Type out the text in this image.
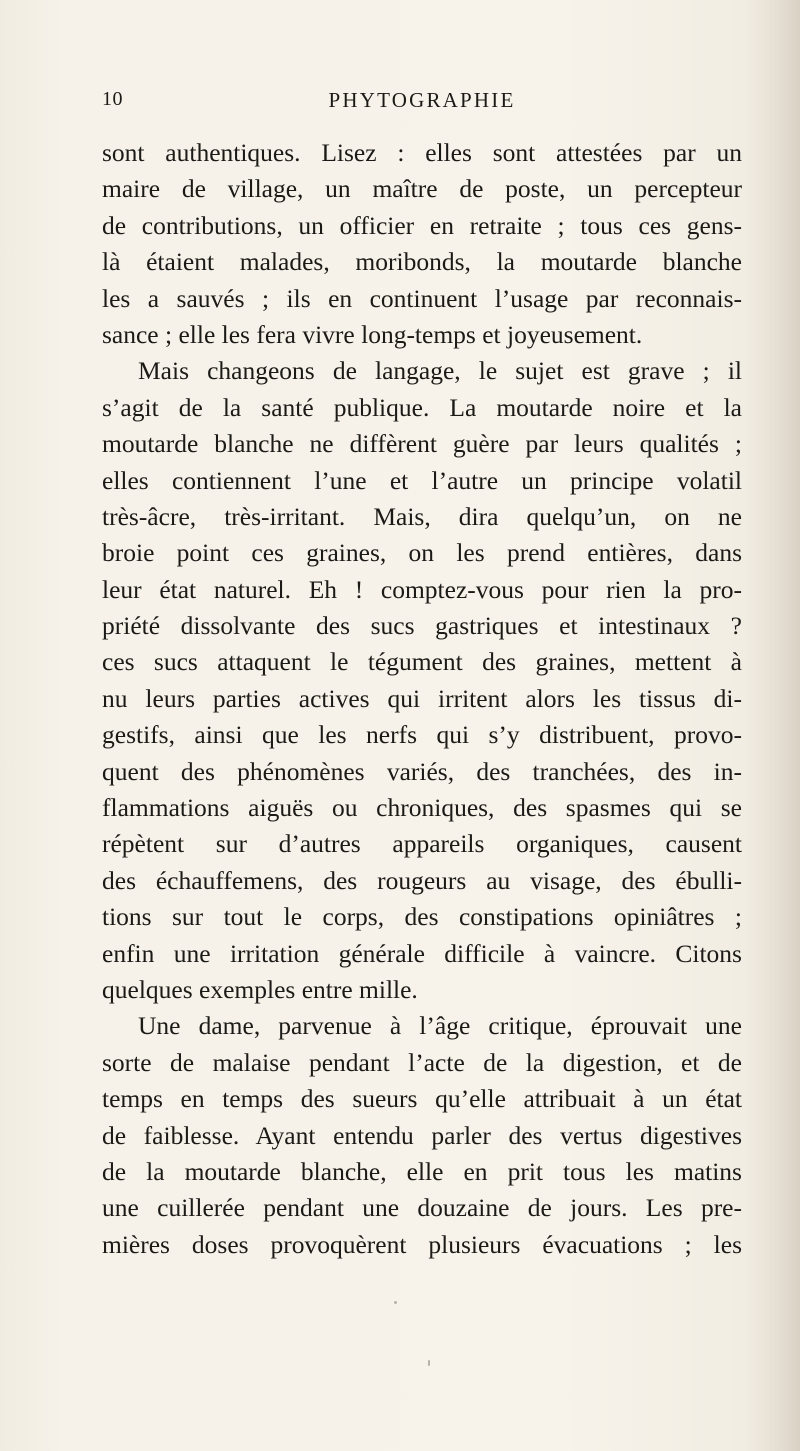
10	PHYTOGRAPHIE
sont authentiques. Lisez : elles sont attestées par un
maire de village, un maître de poste, un percepteur
de contributions, un officier en retraite ; tous ces gens-
là étaient malades, moribonds, la moutarde blanche
les a sauvés ; ils en continuent l’usage par reconnais-
sance ; elle les fera vivre long-temps et joyeusement.
Mais changeons de langage, le sujet est grave ; il
s’agit de la santé publique. La moutarde noire et la
moutarde blanche ne diffèrent guère par leurs qualités ;
elles contiennent l’une et l’autre un principe volatil
très-âcre, très-irritant. Mais, dira quelqu’un, on ne
broie point ces graines, on les prend entières, dans
leur état naturel. Eh ! comptez-vous pour rien la pro-
priété dissolvante des sucs gastriques et intestinaux ?
ces sucs attaquent le tégument des graines, mettent à
nu leurs parties actives qui irritent alors les tissus di-
gestifs, ainsi que les nerfs qui s’y distribuent, provo-
quent des phénomènes variés, des tranchées, des in-
flammations aiguës ou chroniques, des spasmes qui se
répètent sur d’autres appareils organiques, causent
des échauffemens, des rougeurs au visage, des ébulli-
tions sur tout le corps, des constipations opiniâtres ;
enfin une irritation générale difficile à vaincre. Citons
quelques exemples entre mille.
Une dame, parvenue à l’âge critique, éprouvait une
sorte de malaise pendant l’acte de la digestion, et de
temps en temps des sueurs qu’elle attribuait à un état
de faiblesse. Ayant entendu parler des vertus digestives
de la moutarde blanche, elle en prit tous les matins
une cuillerée pendant une douzaine de jours. Les pre-
mières doses provoquèrent plusieurs évacuations ; les
